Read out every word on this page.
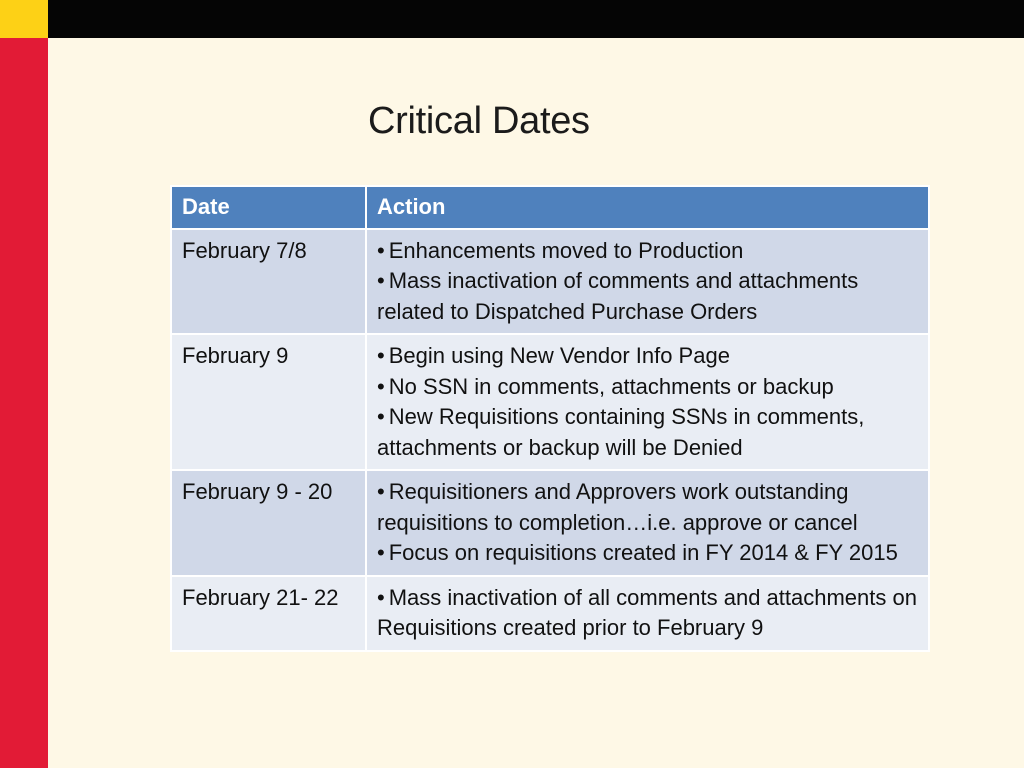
Critical Dates
Date	Action
February 7/8	• Enhancements moved to Production
• Mass inactivation of comments and attachments related to Dispatched Purchase Orders

February 9	• Begin using New Vendor Info Page
• No SSN in comments, attachments or backup
• New Requisitions containing SSNs in comments, attachments or backup will be Denied

February 9 - 20	• Requisitioners and Approvers work outstanding requisitions to completion…i.e. approve or cancel
• Focus on requisitions created in FY 2014 & FY 2015

February 21- 22	• Mass inactivation of all comments and attachments on Requisitions created prior to February 9
